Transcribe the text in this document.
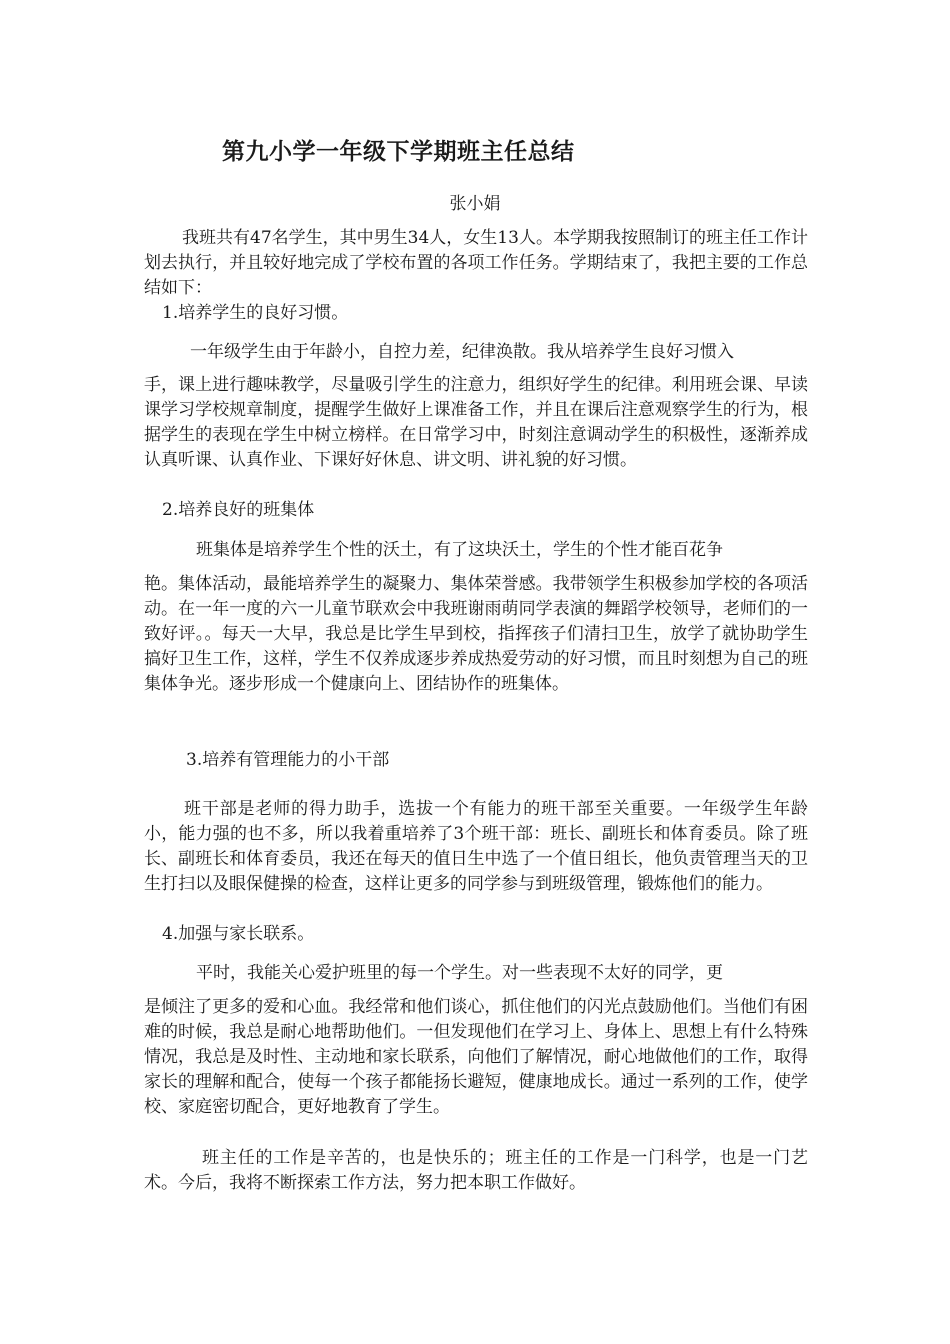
第九小学一年级下学期班主任总结
张小娟

我班共有47名学生，其中男生34人，女生13人。本学期我按照制订的班主任工作计划去执行，并且较好地完成了学校布置的各项工作任务。学期结束了，我把主要的工作总结如下：

1.培养学生的良好习惯。

一年级学生由于年龄小，自控力差，纪律涣散。我从培养学生良好习惯入

手，课上进行趣味教学，尽量吸引学生的注意力，组织好学生的纪律。利用班会课、早读课学习学校规章制度，提醒学生做好上课准备工作，并且在课后注意观察学生的行为，根据学生的表现在学生中树立榜样。在日常学习中，时刻注意调动学生的积极性，逐渐养成认真听课、认真作业、下课好好休息、讲文明、讲礼貌的好习惯。

2.培养良好的班集体

班集体是培养学生个性的沃土，有了这块沃土，学生的个性才能百花争

艳。集体活动，最能培养学生的凝聚力、集体荣誉感。我带领学生积极参加学校的各项活动。在一年一度的六一儿童节联欢会中我班谢雨萌同学表演的舞蹈学校领导，老师们的一致好评。。每天一大早，我总是比学生早到校，指挥孩子们清扫卫生，放学了就协助学生搞好卫生工作，这样，学生不仅养成逐步养成热爱劳动的好习惯，而且时刻想为自己的班集体争光。逐步形成一个健康向上、团结协作的班集体。

3.培养有管理能力的小干部

班干部是老师的得力助手，选拔一个有能力的班干部至关重要。一年级学生年龄小，能力强的也不多，所以我着重培养了3个班干部：班长、副班长和体育委员。除了班长、副班长和体育委员，我还在每天的值日生中选了一个值日组长，他负责管理当天的卫生打扫以及眼保健操的检查，这样让更多的同学参与到班级管理，锻炼他们的能力。

4.加强与家长联系。

平时，我能关心爱护班里的每一个学生。对一些表现不太好的同学，更

是倾注了更多的爱和心血。我经常和他们谈心，抓住他们的闪光点鼓励他们。当他们有困难的时候，我总是耐心地帮助他们。一但发现他们在学习上、身体上、思想上有什么特殊情况，我总是及时性、主动地和家长联系，向他们了解情况，耐心地做他们的工作，取得家长的理解和配合，使每一个孩子都能扬长避短，健康地成长。通过一系列的工作，使学校、家庭密切配合，更好地教育了学生。

班主任的工作是辛苦的，也是快乐的；班主任的工作是一门科学，也是一门艺术。今后，我将不断探索工作方法，努力把本职工作做好。
